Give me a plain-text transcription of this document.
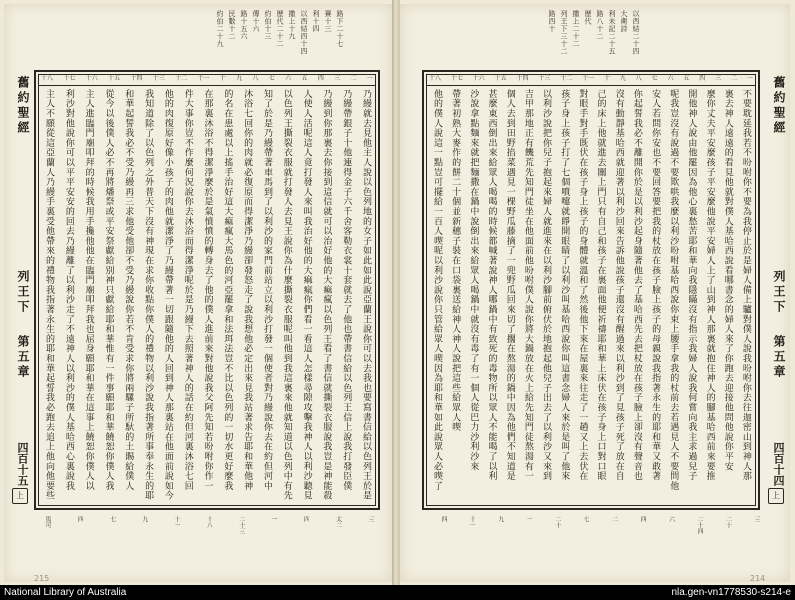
路下二十七
賽十三
利十四
以西結四十四
撒上十九
歷代二十二
約伯十三
傳十六
路十五六
民數十二
約伯二十九
一
二
三
四
五
六
七
八
九
十
十一
十二
十三
十四
十五
十六
十七
十八
乃縵就去見他主人說以色列地的女子如此如此說亞蘭王說你可以去我也要寫書信給以色列王於是
乃縵帶銀子十他連得金子六千舍客勒衣裳十套就去了他也帶書信給以色列王信上說我打發臣僕
乃縵到你那裏去你接到這信就可以治好他的大痲瘋以色列王看了書信就撕裂衣服說我豈是神能殺
人使人活呢這人竟打發人來叫我治好他的大痲瘋你們看一看這人怎樣尋隙攻擊我神人以利沙聽見
以色列王撕裂衣服就打發人去見王說你為什麼撕裂衣服呢叫他到我這裏來他就知道以色列中有先
知了於是乃縵帶著車馬到了以利沙的家門前站立以利沙打發一個使者對乃縵說你去在約但河中
沐浴七回你的肉就必復原而得潔淨乃縵卻發怒走了說我想他必定出來見我站著求告耶和華他神
的名在患處以上搖手治好這大痲瘋大馬色的河亞罷拿和法珥法豈不比以色列的一切水更好麼我
在那裏沐浴不得潔淨麼於是氣憤憤的轉身去了他的僕人進前來對他說我父阿先知若吩咐你作一
件大事你豈不作麼何況說你去沐浴而得潔淨呢於是乃縵下去照著神人的話在約但河裏沐浴七回
他的肉復原好像小孩子的肉他就潔淨了乃縵帶著一切跟隨他的人回到神人那裏站在他面前說如今
我知道除了以色列之外普天下沒有神現在求你收點你僕人的禮物以利沙說我指著所事奉永生的耶
和華起誓我必不受乃縵再三求他受他卻不受乃縵說你若不肯受求你將兩騾子所馱的土賜給僕人
從今以後僕人必不再將燔祭或平安祭獻給別神只獻給耶和華惟有一件事願耶和華饒恕你僕人我
主人進臨門廟叩拜的時候我用手攙他他在臨門廟叩拜我也屈身願耶和華在這事上饒恕你僕人以
利沙對他說你可以平平安安的回去乃縵離了以利沙走了不遠神人以利沙的僕人基哈西心裏說我
主人不願從這亞蘭人乃縵手裏受他帶來的禮物我指著永生的耶和華起誓我必跑去追上他向他要些
舊約聖經
列王下
第五章
四百十五
上
三
太二
四
一
二十三
十八
十一
九
七
四
馬可
215
以西結二十四
大衛詩
利未記二十五
路八十二
歷代
撒上二十二
列王下三十二
路四十
一
二
三
四
五
六
七
八
九
十
十一
十二
十三
十四
十五
十六
十七
十八
不要耽延我若不吩咐你不要為我停止於是婦人備上驢對僕人說我吩咐你去往迦密山到神人那
裏去神人遠遠的看見他就對僕人基哈西說看哪書念的婦人來了你跑去迎接他問他說你平安
麼你丈夫平安麼孩子平安麼他說平安婦人上了山到神人那裏就抱住神人的腳基哈西前來要推
開他神人說由他罷因為他心裏愁苦耶和華向我隱瞞沒有指示我婦人說我何嘗向我主求過兒子
呢我豈沒有說過不要欺哄我麼以利沙吩咐基哈西說你束上腰手拿我的杖前去若遇見人不要問他
安人若問你安也不要回答要把我的杖放在孩子臉上孩子的母親說我指著永生的耶和華又敢著
你起誓我必不離開你於是以利沙起身隨著他去了基哈西先去把杖放在孩子臉上卻沒有聲音也
沒有動靜基哈西就迎著以利沙回來告訴他說孩子還沒有醒過來以利沙到了見孩子死了放在自
己的床上他就進去關上門只有自己和孩子在裏面他便祈禱耶和華上床伏在孩子身上口對口眼
對眼手對手既伏在孩子身上孩子的身體就溫和了然後他下來在屋裏來往走了一趟又上去伏在
孩子身上孩子打了七個噴嚏就睜開眼睛了以利沙叫基哈西說你叫這書念婦人來於是叫了他來
以利沙說把你兒子抱起來婦人就進來在以利沙腳前俯伏於地抱起他兒子出去了以利沙又來到
吉甲那地正有饑荒先知門徒坐在他面前他吩咐僕人說你將大鍋放在火上給先知門徒熬湯有一
個人去到田野掐菜遇見一棵野瓜藤摘了一兜野瓜回來切了擱在熬湯的鍋中因為他們不知道是
甚麼東西倒出來給眾人喝喝的時候都喊著說神人哪鍋中有致死的毒物所以眾人不能喝了以利
沙說拿點麵來就把麵撒在鍋中說倒出來給眾人喝鍋中就沒有毒了有一個人從巴力沙利沙來
帶著初熟大麥作的餅二十個並新穗子裝在口袋裏送給神人神人說把這些給眾人喫
他的僕人說這一點豈可擺給一百人喫呢以利沙說你只管給眾人喫因為耶和華如此說眾人必喫了	舊約聖經
列王下
第五章
四百十四
上
三
二十
二十四
六
四
二
七
二十
一
九
十一
四
214
National Library of Australia	nla.gen-vn1778530-s214-e
